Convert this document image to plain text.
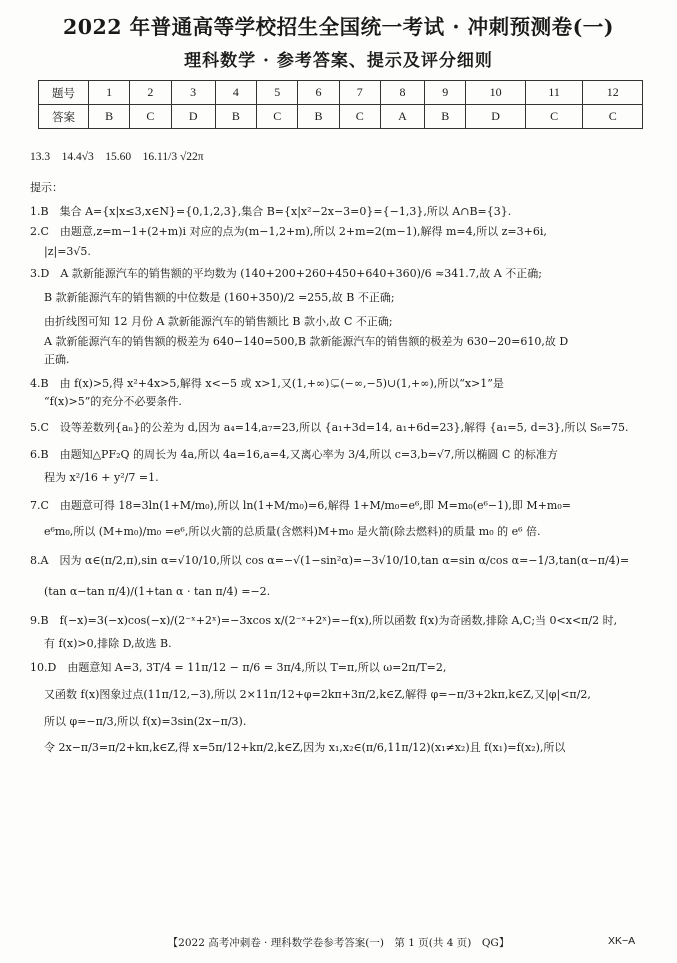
2022 年普通高等学校招生全国统一考试 · 冲刺预测卷(一)
理科数学 · 参考答案、提示及评分细则
题号	1	2	3	4	5	6	7	8	9	10	11	12
答案	B	C	D	B	C	B	C	A	B	D	C	C
13.3　14.4√3　15.60　16.11/3 √22π
提示：
1.B　集合 A={x|x≤3,x∈N}={0,1,2,3},集合 B={x|x²−2x−3=0}={−1,3},所以 A∩B={3}.
2.C　由题意,z=m−1+(2+m)i 对应的点为(m−1,2+m),所以 2+m=2(m−1),解得 m=4,所以 z=3+6i,
|z|=3√5.
3.D　A 款新能源汽车的销售额的平均数为 (140+200+260+450+640+360)/6 ≈341.7,故 A 不正确;
B 款新能源汽车的销售额的中位数是 (160+350)/2 =255,故 B 不正确;
由折线图可知 12 月份 A 款新能源汽车的销售额比 B 款小,故 C 不正确;
A 款新能源汽车的销售额的极差为 640−140=500,B 款新能源汽车的销售额的极差为 630−20=610,故 D
正确.
4.B　由 f(x)>5,得 x²+4x>5,解得 x<−5 或 x>1,又(1,+∞)⊊(−∞,−5)∪(1,+∞),所以“x>1”是
“f(x)>5”的充分不必要条件.
5.C　设等差数列{aₙ}的公差为 d,因为 a₄=14,a₇=23,所以 {a₁+3d=14, a₁+6d=23},解得 {a₁=5, d=3},所以 S₆=75.
6.B　由题知△PF₂Q 的周长为 4a,所以 4a=16,a=4,又离心率为 3/4,所以 c=3,b=√7,所以椭圆 C 的标准方
程为 x²/16 + y²/7 =1.
7.C　由题意可得 18=3ln(1+M/m₀),所以 ln(1+M/m₀)=6,解得 1+M/m₀=e⁶,即 M=m₀(e⁶−1),即 M+m₀=
e⁶m₀,所以 (M+m₀)/m₀ =e⁶,所以火箭的总质量(含燃料)M+m₀ 是火箭(除去燃料)的质量 m₀ 的 e⁶ 倍.
8.A　因为 α∈(π/2,π),sin α=√10/10,所以 cos α=−√(1−sin²α)=−3√10/10,tan α=sin α/cos α=−1/3,tan(α−π/4)=
(tan α−tan π/4)/(1+tan α · tan π/4) =−2.
9.B　f(−x)=3(−x)cos(−x)/(2⁻ˣ+2ˣ)=−3xcos x/(2⁻ˣ+2ˣ)=−f(x),所以函数 f(x)为奇函数,排除 A,C;当 0<x<π/2 时,
有 f(x)>0,排除 D,故选 B.
10.D　由题意知 A=3, 3T/4 = 11π/12 − π/6 = 3π/4,所以 T=π,所以 ω=2π/T=2,
又函数 f(x)图象过点(11π/12,−3),所以 2×11π/12+φ=2kπ+3π/2,k∈Z,解得 φ=−π/3+2kπ,k∈Z,又|φ|<π/2,
所以 φ=−π/3,所以 f(x)=3sin(2x−π/3).
令 2x−π/3=π/2+kπ,k∈Z,得 x=5π/12+kπ/2,k∈Z,因为 x₁,x₂∈(π/6,11π/12)(x₁≠x₂)且 f(x₁)=f(x₂),所以
【2022 高考冲刺卷 · 理科数学卷参考答案(一)　第 1 页(共 4 页)　QG】	XK−A
